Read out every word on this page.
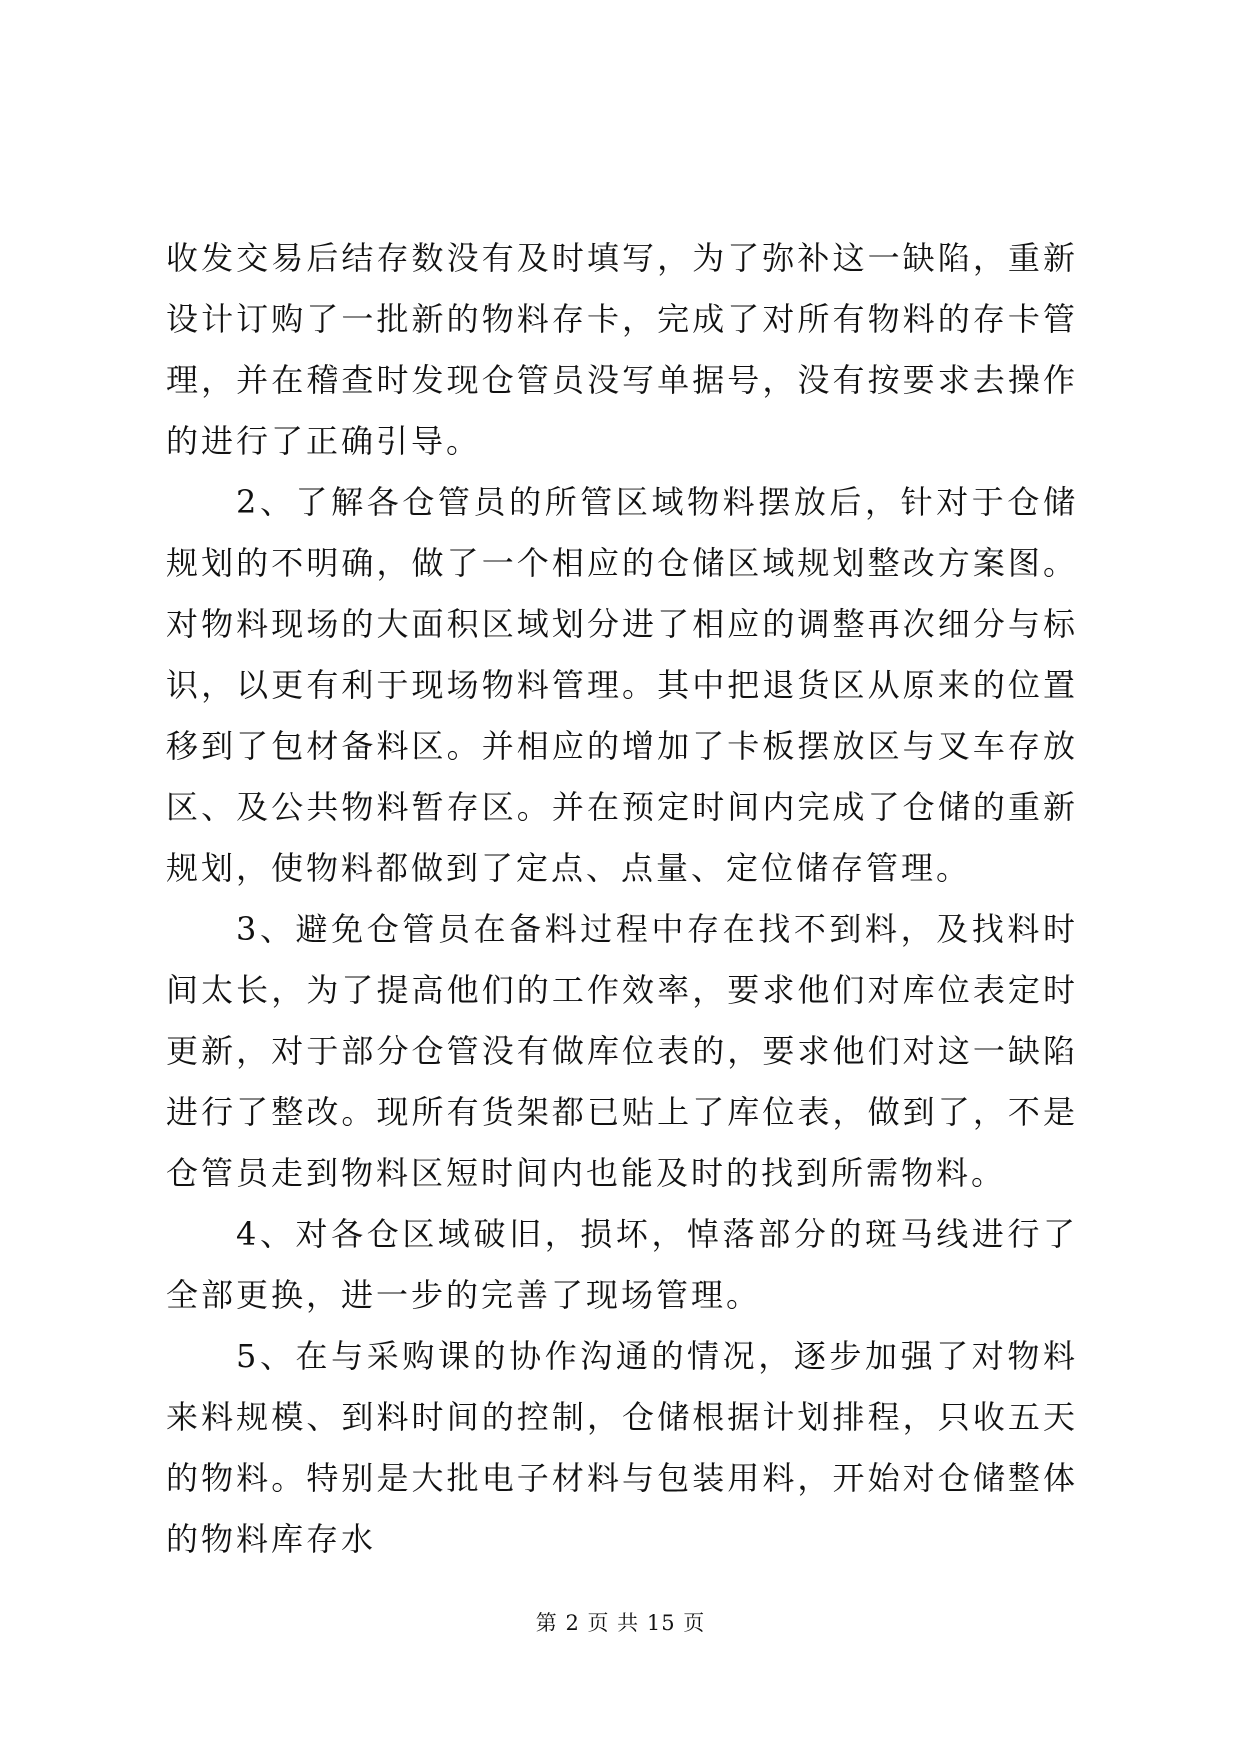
收发交易后结存数没有及时填写，为了弥补这一缺陷，重新设计订购了一批新的物料存卡，完成了对所有物料的存卡管理，并在稽查时发现仓管员没写单据号，没有按要求去操作的进行了正确引导。

2、了解各仓管员的所管区域物料摆放后，针对于仓储规划的不明确，做了一个相应的仓储区域规划整改方案图。对物料现场的大面积区域划分进了相应的调整再次细分与标识，以更有利于现场物料管理。其中把退货区从原来的位置移到了包材备料区。并相应的增加了卡板摆放区与叉车存放区、及公共物料暂存区。并在预定时间内完成了仓储的重新规划，使物料都做到了定点、点量、定位储存管理。

3、避免仓管员在备料过程中存在找不到料，及找料时间太长，为了提高他们的工作效率，要求他们对库位表定时更新，对于部分仓管没有做库位表的，要求他们对这一缺陷进行了整改。现所有货架都已贴上了库位表，做到了，不是仓管员走到物料区短时间内也能及时的找到所需物料。

4、对各仓区域破旧，损坏，悼落部分的斑马线进行了全部更换，进一步的完善了现场管理。

5、在与采购课的协作沟通的情况，逐步加强了对物料来料规模、到料时间的控制，仓储根据计划排程，只收五天的物料。特别是大批电子材料与包装用料，开始对仓储整体的物料库存水

第 2 页 共 15 页
